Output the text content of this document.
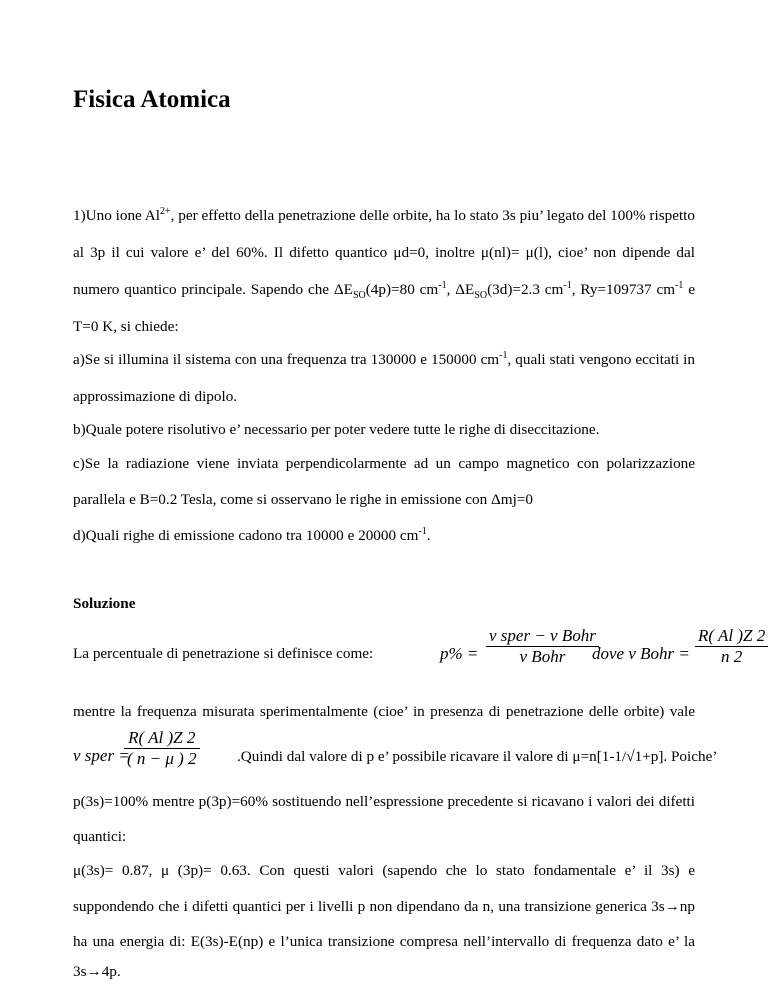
Fisica Atomica
1)Uno ione $Al^{2+}$, per effetto della penetrazione delle orbite, ha lo stato 3s piu’ legato del 100% rispetto
al 3p il cui valore e’ del 60%. Il difetto quantico μd=0, inoltre μ(nl)= μ(l), cioe’ non dipende dal
numero quantico principale. Sapendo che $\Delta E_{SO}(4p)=80$ $cm^{-1}$, $\Delta E_{SO}(3d)=2.3$ $cm^{-1}$, Ry=109737 $cm^{-1}$ e
T=0 K, si chiede:
a)Se si illumina il sistema con una frequenza tra 130000 e 150000 $cm^{-1}$, quali stati vengono eccitati in
approssimazione di dipolo.
b)Quale potere risolutivo e’ necessario per poter vedere tutte le righe di diseccitazione.
c)Se la radiazione viene inviata perpendicolarmente ad un campo magnetico con polarizzazione
parallela e B=0.2 Tesla, come si osservano le righe in emissione con Δmj=0
d)Quali righe di emissione cadono tra 10000 e 20000 $cm^{-1}$.
Soluzione
La percentuale di penetrazione si definisce come:	$p\% = \frac{\text{ν sper − ν Bohr}}{\text{ν Bohr}}$
dove ν Bohr = $\frac{R( Al )Z 2}{n 2}$
mentre la frequenza misurata sperimentalmente (cioe’ in presenza di penetrazione delle orbite) vale
ν sper =
$\frac{R( Al )Z 2}{( n - \mu ) 2}$ .Quindi dal valore di p e’ possibile ricavare il valore di μ=n[1-1/√1+p]. Poiche’
p(3s)=100% mentre p(3p)=60% sostituendo nell’espressione precedente si ricavano i valori dei difetti
quantici:
μ(3s)= 0.87, μ (3p)= 0.63. Con questi valori (sapendo che lo stato fondamentale e’ il 3s) e
suppondendo che i difetti quantici per i livelli p non dipendano da n, una transizione generica 3s→np
ha una energia di: E(3s)-E(np) e l’unica transizione compresa nell’intervallo di frequenza dato e’ la
3s→4p.
